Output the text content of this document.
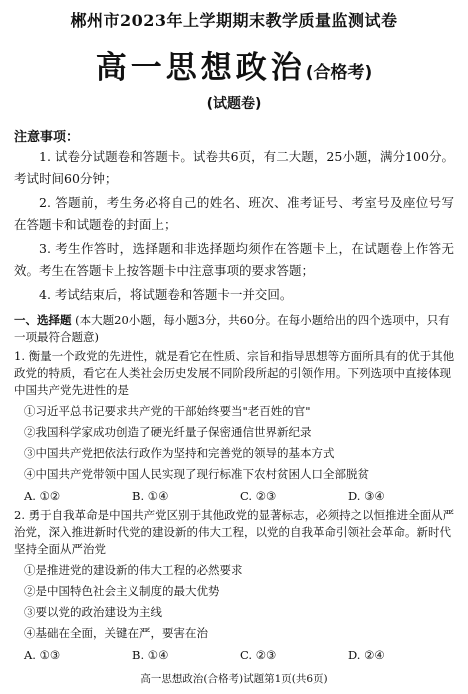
郴州市2023年上学期期末教学质量监测试卷
高一思想政治(合格考)
(试题卷)
注意事项：
1. 试卷分试题卷和答题卡。试卷共6页，有二大题，25小题，满分100分。考试时间60分钟；
2. 答题前，考生务必将自己的姓名、班次、准考证号、考室号及座位号写在答题卡和试题卷的封面上；
3. 考生作答时，选择题和非选择题均须作在答题卡上，在试题卷上作答无效。考生在答题卡上按答题卡中注意事项的要求答题；
4. 考试结束后，将试题卷和答题卡一并交回。
一、选择题 (本大题20小题，每小题3分，共60分。在每小题给出的四个选项中，只有一项最符合题意)
1. 衡量一个政党的先进性，就是看它在性质、宗旨和指导思想等方面所具有的优于其他政党的特质，看它在人类社会历史发展不同阶段所起的引领作用。下列选项中直接体现中国共产党先进性的是
①习近平总书记要求共产党的干部始终要当"老百姓的官"
②我国科学家成功创造了硬光纤量子保密通信世界新纪录
③中国共产党把依法行政作为坚持和完善党的领导的基本方式
④中国共产党带领中国人民实现了现行标准下农村贫困人口全部脱贫
A. ①②	B. ①④	C. ②③	D. ③④
2. 勇于自我革命是中国共产党区别于其他政党的显著标志，必须持之以恒推进全面从严治党，深入推进新时代党的建设新的伟大工程，以党的自我革命引领社会革命。新时代坚持全面从严治党
①是推进党的建设新的伟大工程的必然要求
②是中国特色社会主义制度的最大优势
③要以党的政治建设为主线
④基础在全面，关键在严，要害在治
A. ①③	B. ①④	C. ②③	D. ②④
高一思想政治(合格考)试题第1页(共6页)
